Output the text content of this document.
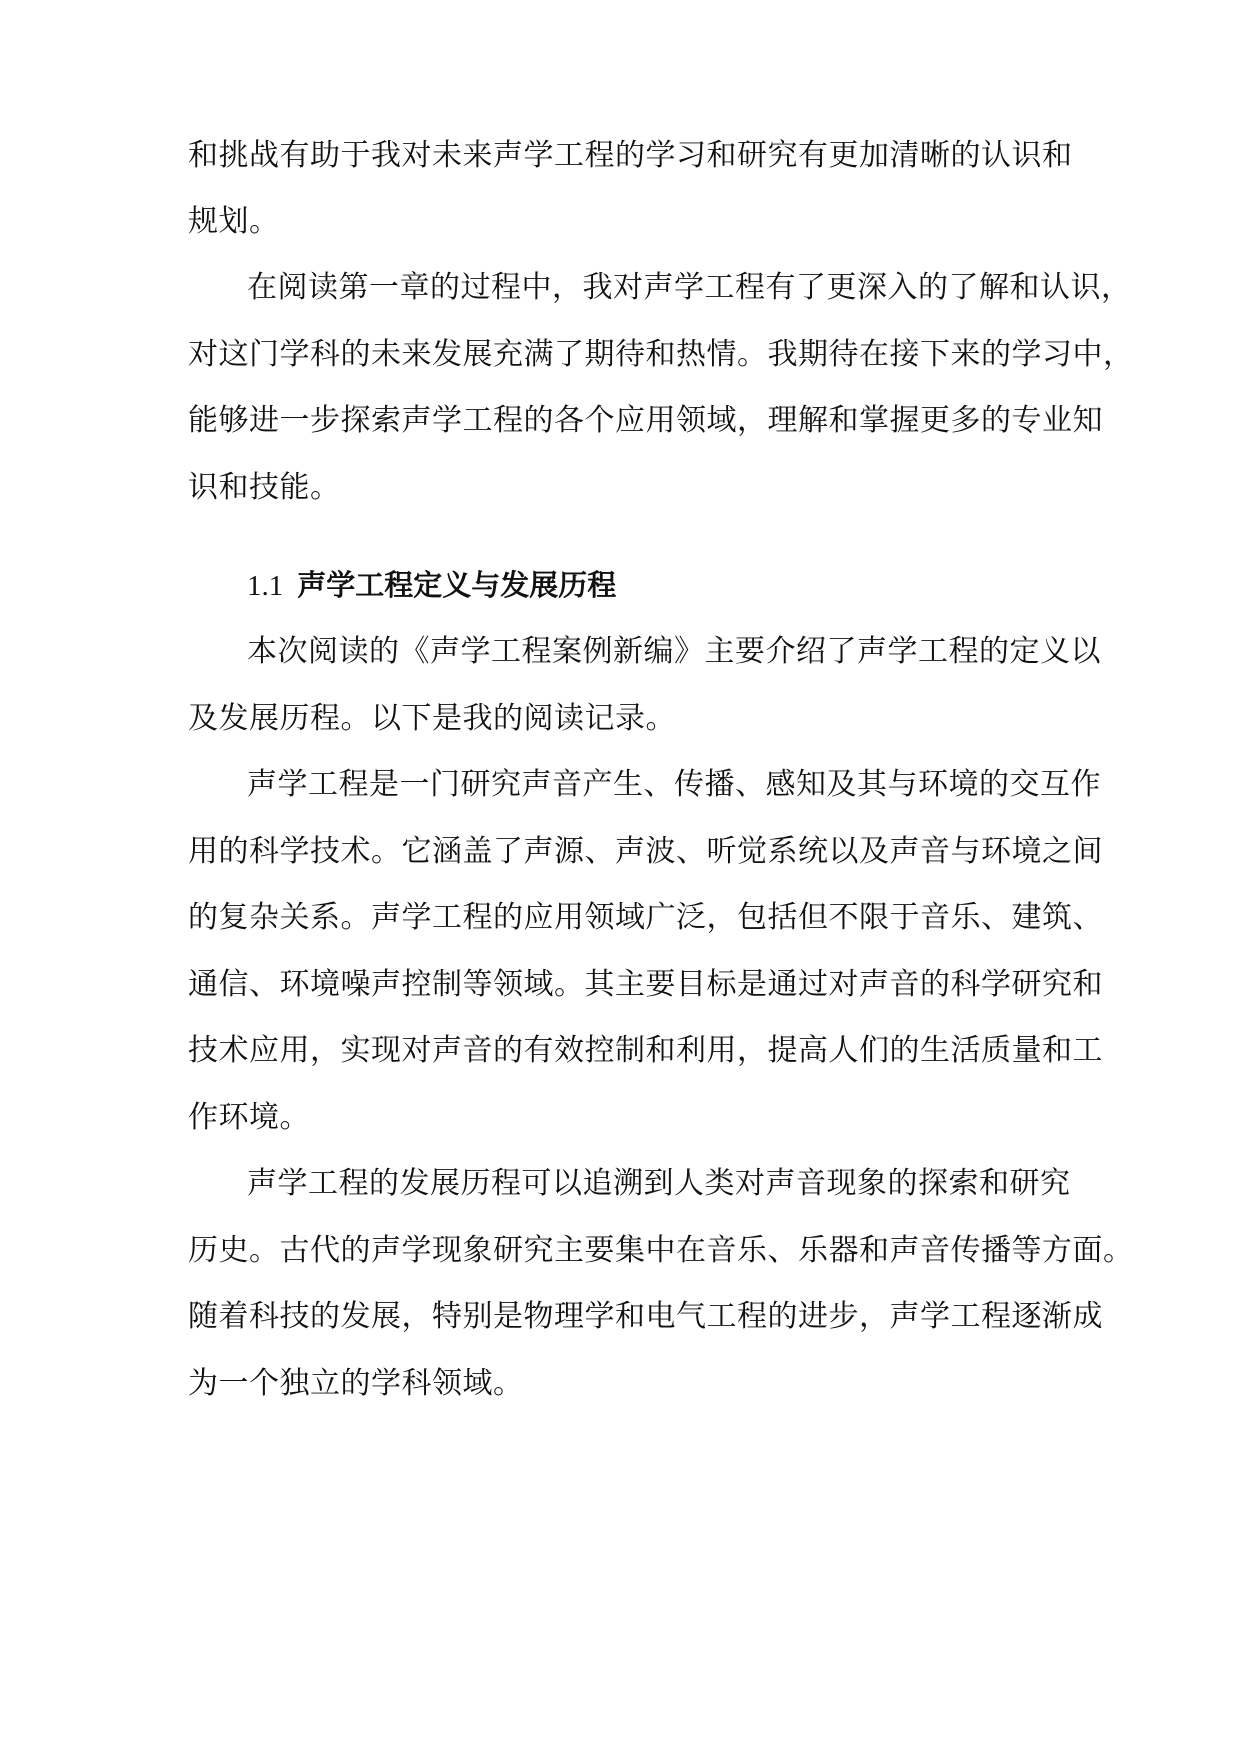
和挑战有助于我对未来声学工程的学习和研究有更加清晰的认识和
规划。
在阅读第一章的过程中，我对声学工程有了更深入的了解和认识，
对这门学科的未来发展充满了期待和热情。我期待在接下来的学习中，
能够进一步探索声学工程的各个应用领域，理解和掌握更多的专业知
识和技能。
1.1 声学工程定义与发展历程
本次阅读的《声学工程案例新编》主要介绍了声学工程的定义以
及发展历程。以下是我的阅读记录。
声学工程是一门研究声音产生、传播、感知及其与环境的交互作
用的科学技术。它涵盖了声源、声波、听觉系统以及声音与环境之间
的复杂关系。声学工程的应用领域广泛，包括但不限于音乐、建筑、
通信、环境噪声控制等领域。其主要目标是通过对声音的科学研究和
技术应用，实现对声音的有效控制和利用，提高人们的生活质量和工
作环境。
声学工程的发展历程可以追溯到人类对声音现象的探索和研究
历史。古代的声学现象研究主要集中在音乐、乐器和声音传播等方面。
随着科技的发展，特别是物理学和电气工程的进步，声学工程逐渐成
为一个独立的学科领域。
